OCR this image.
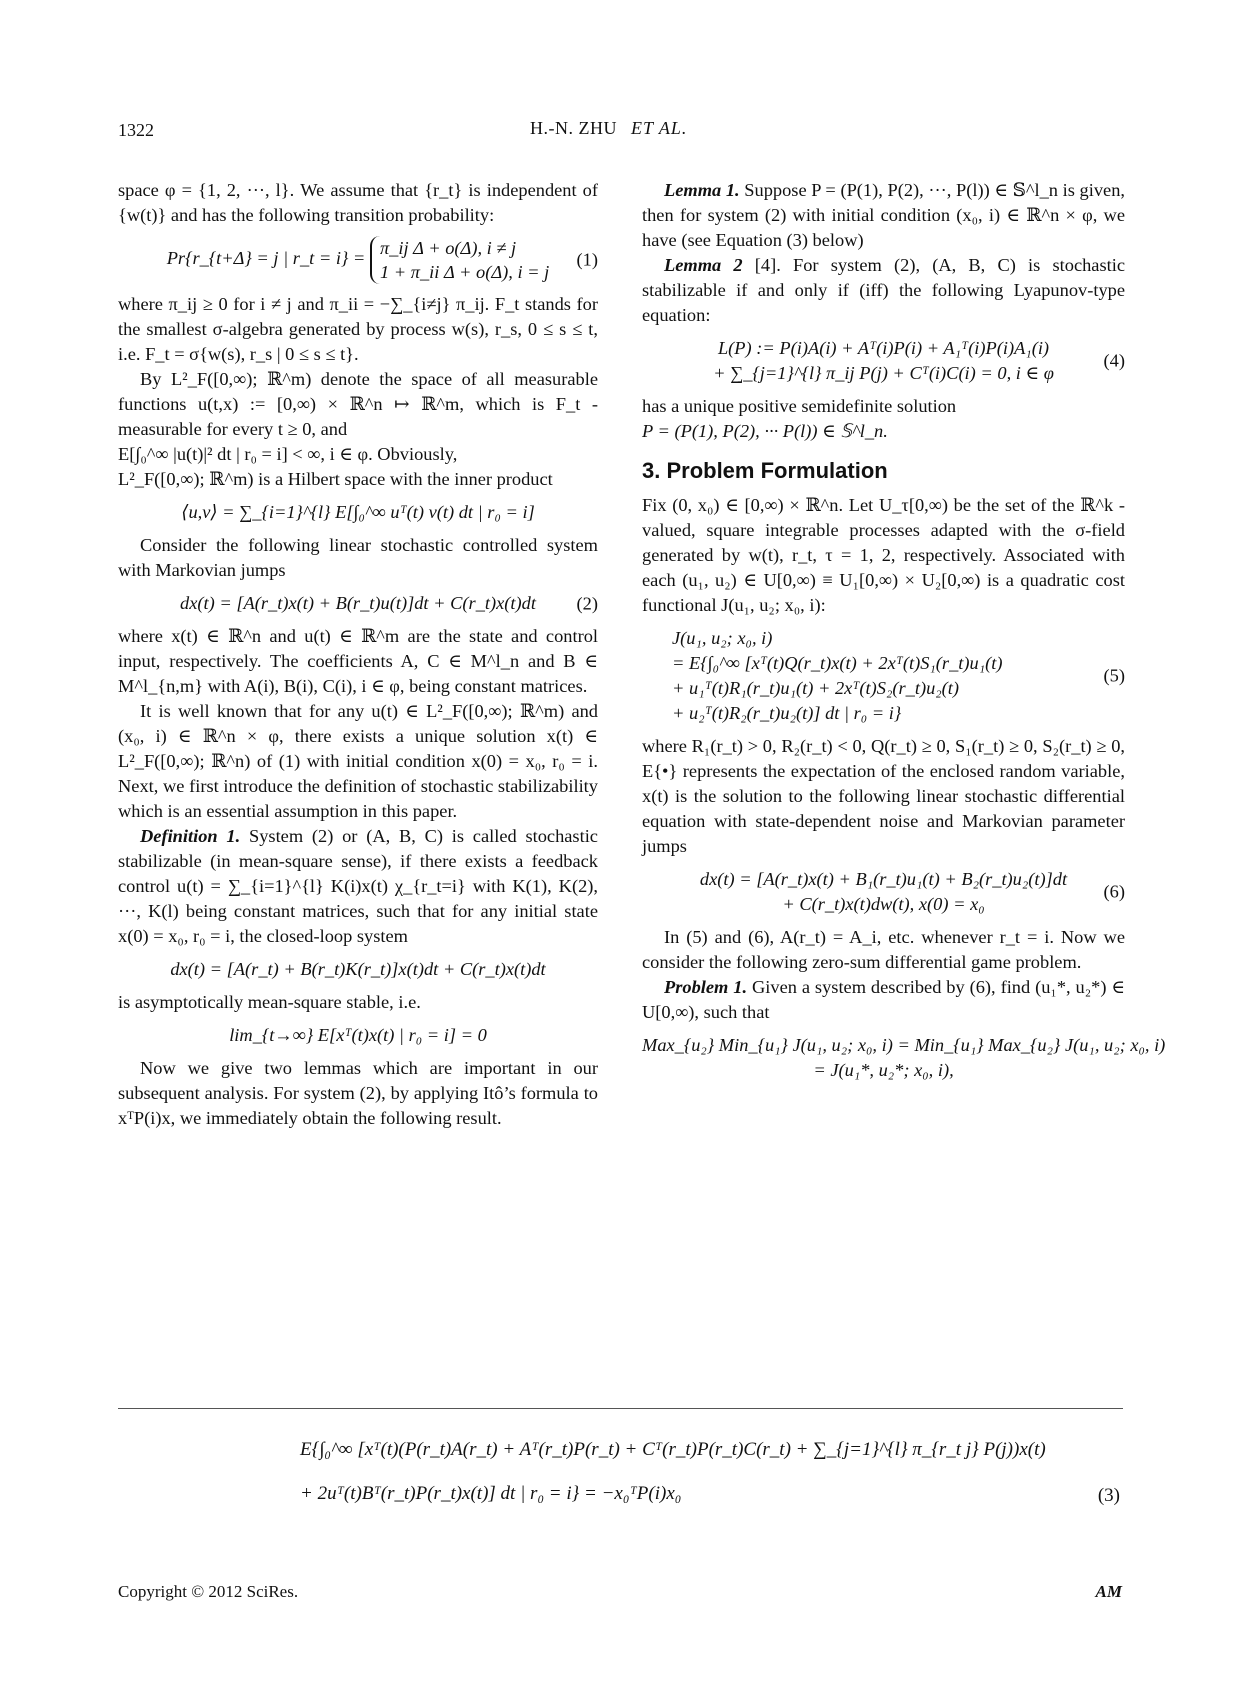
1322	H.-N. ZHU ET AL.

space φ = {1, 2, ···, l}. We assume that {r_t} is independent of {w(t)} and has the following transition probability:

Pr{r_{t+Δ} = j | r_t = i} = π_ij Δ + o(Δ), i ≠ j
1 + π_ii Δ + o(Δ), i = j
(1)

where π_ij ≥ 0 for i ≠ j and π_ii = −∑_{i≠j} π_ij. F_t stands for the smallest σ-algebra generated by process w(s), r_s, 0 ≤ s ≤ t, i.e. F_t = σ{w(s), r_s | 0 ≤ s ≤ t}.

By L²_F([0,∞); ℝ^m) denote the space of all measurable functions u(t,x) := [0,∞) × ℝ^n ↦ ℝ^m, which is F_t -measurable for every t ≥ 0, and

E[∫₀^∞ |u(t)|² dt | r₀ = i] < ∞, i ∈ φ. Obviously,

L²_F([0,∞); ℝ^m) is a Hilbert space with the inner product

⟨u,v⟩ = ∑_{i=1}^{l} E[∫₀^∞ uᵀ(t) v(t) dt | r₀ = i]

Consider the following linear stochastic controlled system with Markovian jumps

dx(t) = [A(r_t)x(t) + B(r_t)u(t)]dt + C(r_t)x(t)dt (2)

where x(t) ∈ ℝ^n and u(t) ∈ ℝ^m are the state and control input, respectively. The coefficients A, C ∈ M^l_n and B ∈ M^l_{n,m} with A(i), B(i), C(i), i ∈ φ, being constant matrices.

It is well known that for any u(t) ∈ L²_F([0,∞); ℝ^m) and (x₀, i) ∈ ℝ^n × φ, there exists a unique solution x(t) ∈ L²_F([0,∞); ℝ^n) of (1) with initial condition x(0) = x₀, r₀ = i. Next, we first introduce the definition of stochastic stabilizability which is an essential assumption in this paper.

Definition 1. System (2) or (A, B, C) is called stochastic stabilizable (in mean-square sense), if there exists a feedback control u(t) = ∑_{i=1}^{l} K(i)x(t) χ_{r_t=i} with K(1), K(2), ···, K(l) being constant matrices, such that for any initial state x(0) = x₀, r₀ = i, the closed-loop system

dx(t) = [A(r_t) + B(r_t)K(r_t)]x(t)dt + C(r_t)x(t)dt

is asymptotically mean-square stable, i.e.

lim_{t→∞} E[xᵀ(t)x(t) | r₀ = i] = 0

Now we give two lemmas which are important in our subsequent analysis. For system (2), by applying Itô’s formula to xᵀP(i)x, we immediately obtain the following result.

Lemma 1. Suppose P = (P(1), P(2), ···, P(l)) ∈ 𝕊^l_n is given, then for system (2) with initial condition (x₀, i) ∈ ℝ^n × φ, we have (see Equation (3) below)

Lemma 2 [4]. For system (2), (A, B, C) is stochastic stabilizable if and only if (iff) the following Lyapunov-type equation:

L(P) := P(i)A(i) + Aᵀ(i)P(i) + A₁ᵀ(i)P(i)A₁(i)
+ ∑_{j=1}^{l} π_ij P(j) + Cᵀ(i)C(i) = 0, i ∈ φ
(4)

has a unique positive semidefinite solution

P = (P(1), P(2), ··· P(l)) ∈ 𝕊^l_n.

3. Problem Formulation

Fix (0, x₀) ∈ [0,∞) × ℝ^n. Let U_τ[0,∞) be the set of the ℝ^k -valued, square integrable processes adapted with the σ-field generated by w(t), r_t, τ = 1, 2, respectively. Associated with each (u₁, u₂) ∈ U[0,∞) ≡ U₁[0,∞) × U₂[0,∞) is a quadratic cost functional J(u₁, u₂; x₀, i):

J(u₁, u₂; x₀, i)
= E{∫₀^∞ [xᵀ(t)Q(r_t)x(t) + 2xᵀ(t)S₁(r_t)u₁(t)
+ u₁ᵀ(t)R₁(r_t)u₁(t) + 2xᵀ(t)S₂(r_t)u₂(t)
+ u₂ᵀ(t)R₂(r_t)u₂(t)] dt | r₀ = i}
(5)

where R₁(r_t) > 0, R₂(r_t) < 0, Q(r_t) ≥ 0, S₁(r_t) ≥ 0, S₂(r_t) ≥ 0, E{•} represents the expectation of the enclosed random variable, x(t) is the solution to the following linear stochastic differential equation with state-dependent noise and Markovian parameter jumps

dx(t) = [A(r_t)x(t) + B₁(r_t)u₁(t) + B₂(r_t)u₂(t)]dt
+ C(r_t)x(t)dw(t), x(0) = x₀
(6)

In (5) and (6), A(r_t) = A_i, etc. whenever r_t = i. Now we consider the following zero-sum differential game problem.

Problem 1. Given a system described by (6), find (u₁*, u₂*) ∈ U[0,∞), such that

Max_{u₂} Min_{u₁} J(u₁, u₂; x₀, i) = Min_{u₁} Max_{u₂} J(u₁, u₂; x₀, i)
= J(u₁*, u₂*; x₀, i),
E{∫₀^∞ [xᵀ(t)(P(r_t)A(r_t) + Aᵀ(r_t)P(r_t) + Cᵀ(r_t)P(r_t)C(r_t) + ∑_{j=1}^{l} π_{r_t j} P(j))x(t)
+ 2uᵀ(t)Bᵀ(r_t)P(r_t)x(t)] dt | r₀ = i} = −x₀ᵀP(i)x₀	(3)
Copyright © 2012 SciRes.	AM
